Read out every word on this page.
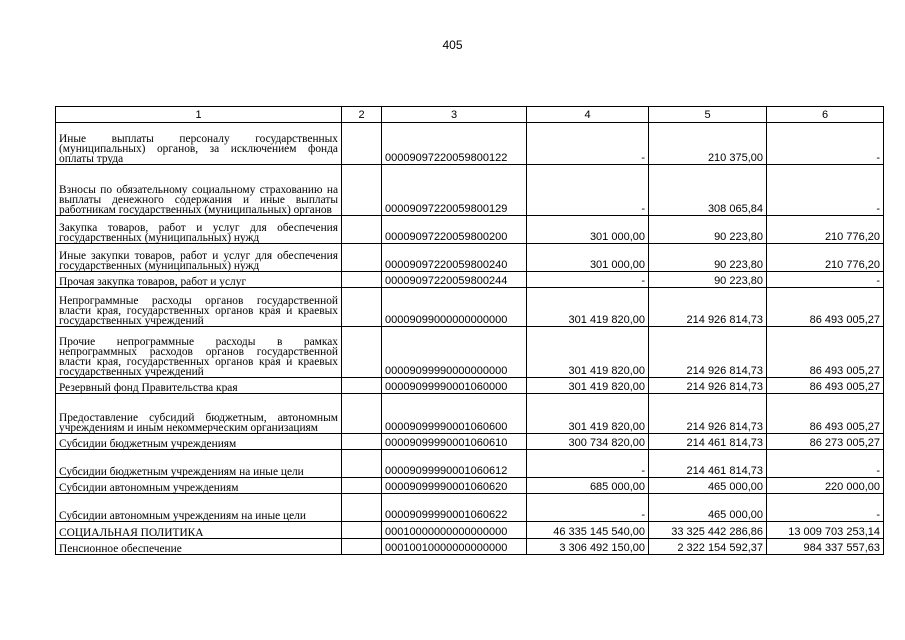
405
1	2	3	4	5	6
Иные выплаты персоналу государственных (муниципальных) органов, за исключением фонда оплаты труда		00009097220059800122	-	210 375,00	-
Взносы по обязательному социальному страхованию на выплаты денежного содержания и иные выплаты работникам государственных (муниципальных) органов		00009097220059800129	-	308 065,84	-
Закупка товаров, работ и услуг для обеспечения государственных (муниципальных) нужд		00009097220059800200	301 000,00	90 223,80	210 776,20
Иные закупки товаров, работ и услуг для обеспечения государственных (муниципальных) нужд		00009097220059800240	301 000,00	90 223,80	210 776,20
Прочая закупка товаров, работ и услуг		00009097220059800244	-	90 223,80	-
Непрограммные расходы органов государственной власти края, государственных органов края и краевых государственных учреждений		00009099000000000000	301 419 820,00	214 926 814,73	86 493 005,27
Прочие непрограммные расходы в рамках непрограммных расходов органов государственной власти края, государственных органов края и краевых государственных учреждений		00009099990000000000	301 419 820,00	214 926 814,73	86 493 005,27
Резервный фонд Правительства края		00009099990001060000	301 419 820,00	214 926 814,73	86 493 005,27
Предоставление субсидий бюджетным, автономным учреждениям и иным некоммерческим организациям		00009099990001060600	301 419 820,00	214 926 814,73	86 493 005,27
Субсидии бюджетным учреждениям		00009099990001060610	300 734 820,00	214 461 814,73	86 273 005,27
Субсидии бюджетным учреждениям на иные цели		00009099990001060612	-	214 461 814,73	-
Субсидии автономным учреждениям		00009099990001060620	685 000,00	465 000,00	220 000,00
Субсидии автономным учреждениям на иные цели		00009099990001060622	-	465 000,00	-
СОЦИАЛЬНАЯ ПОЛИТИКА		00010000000000000000	46 335 145 540,00	33 325 442 286,86	13 009 703 253,14
Пенсионное обеспечение		00010010000000000000	3 306 492 150,00	2 322 154 592,37	984 337 557,63
